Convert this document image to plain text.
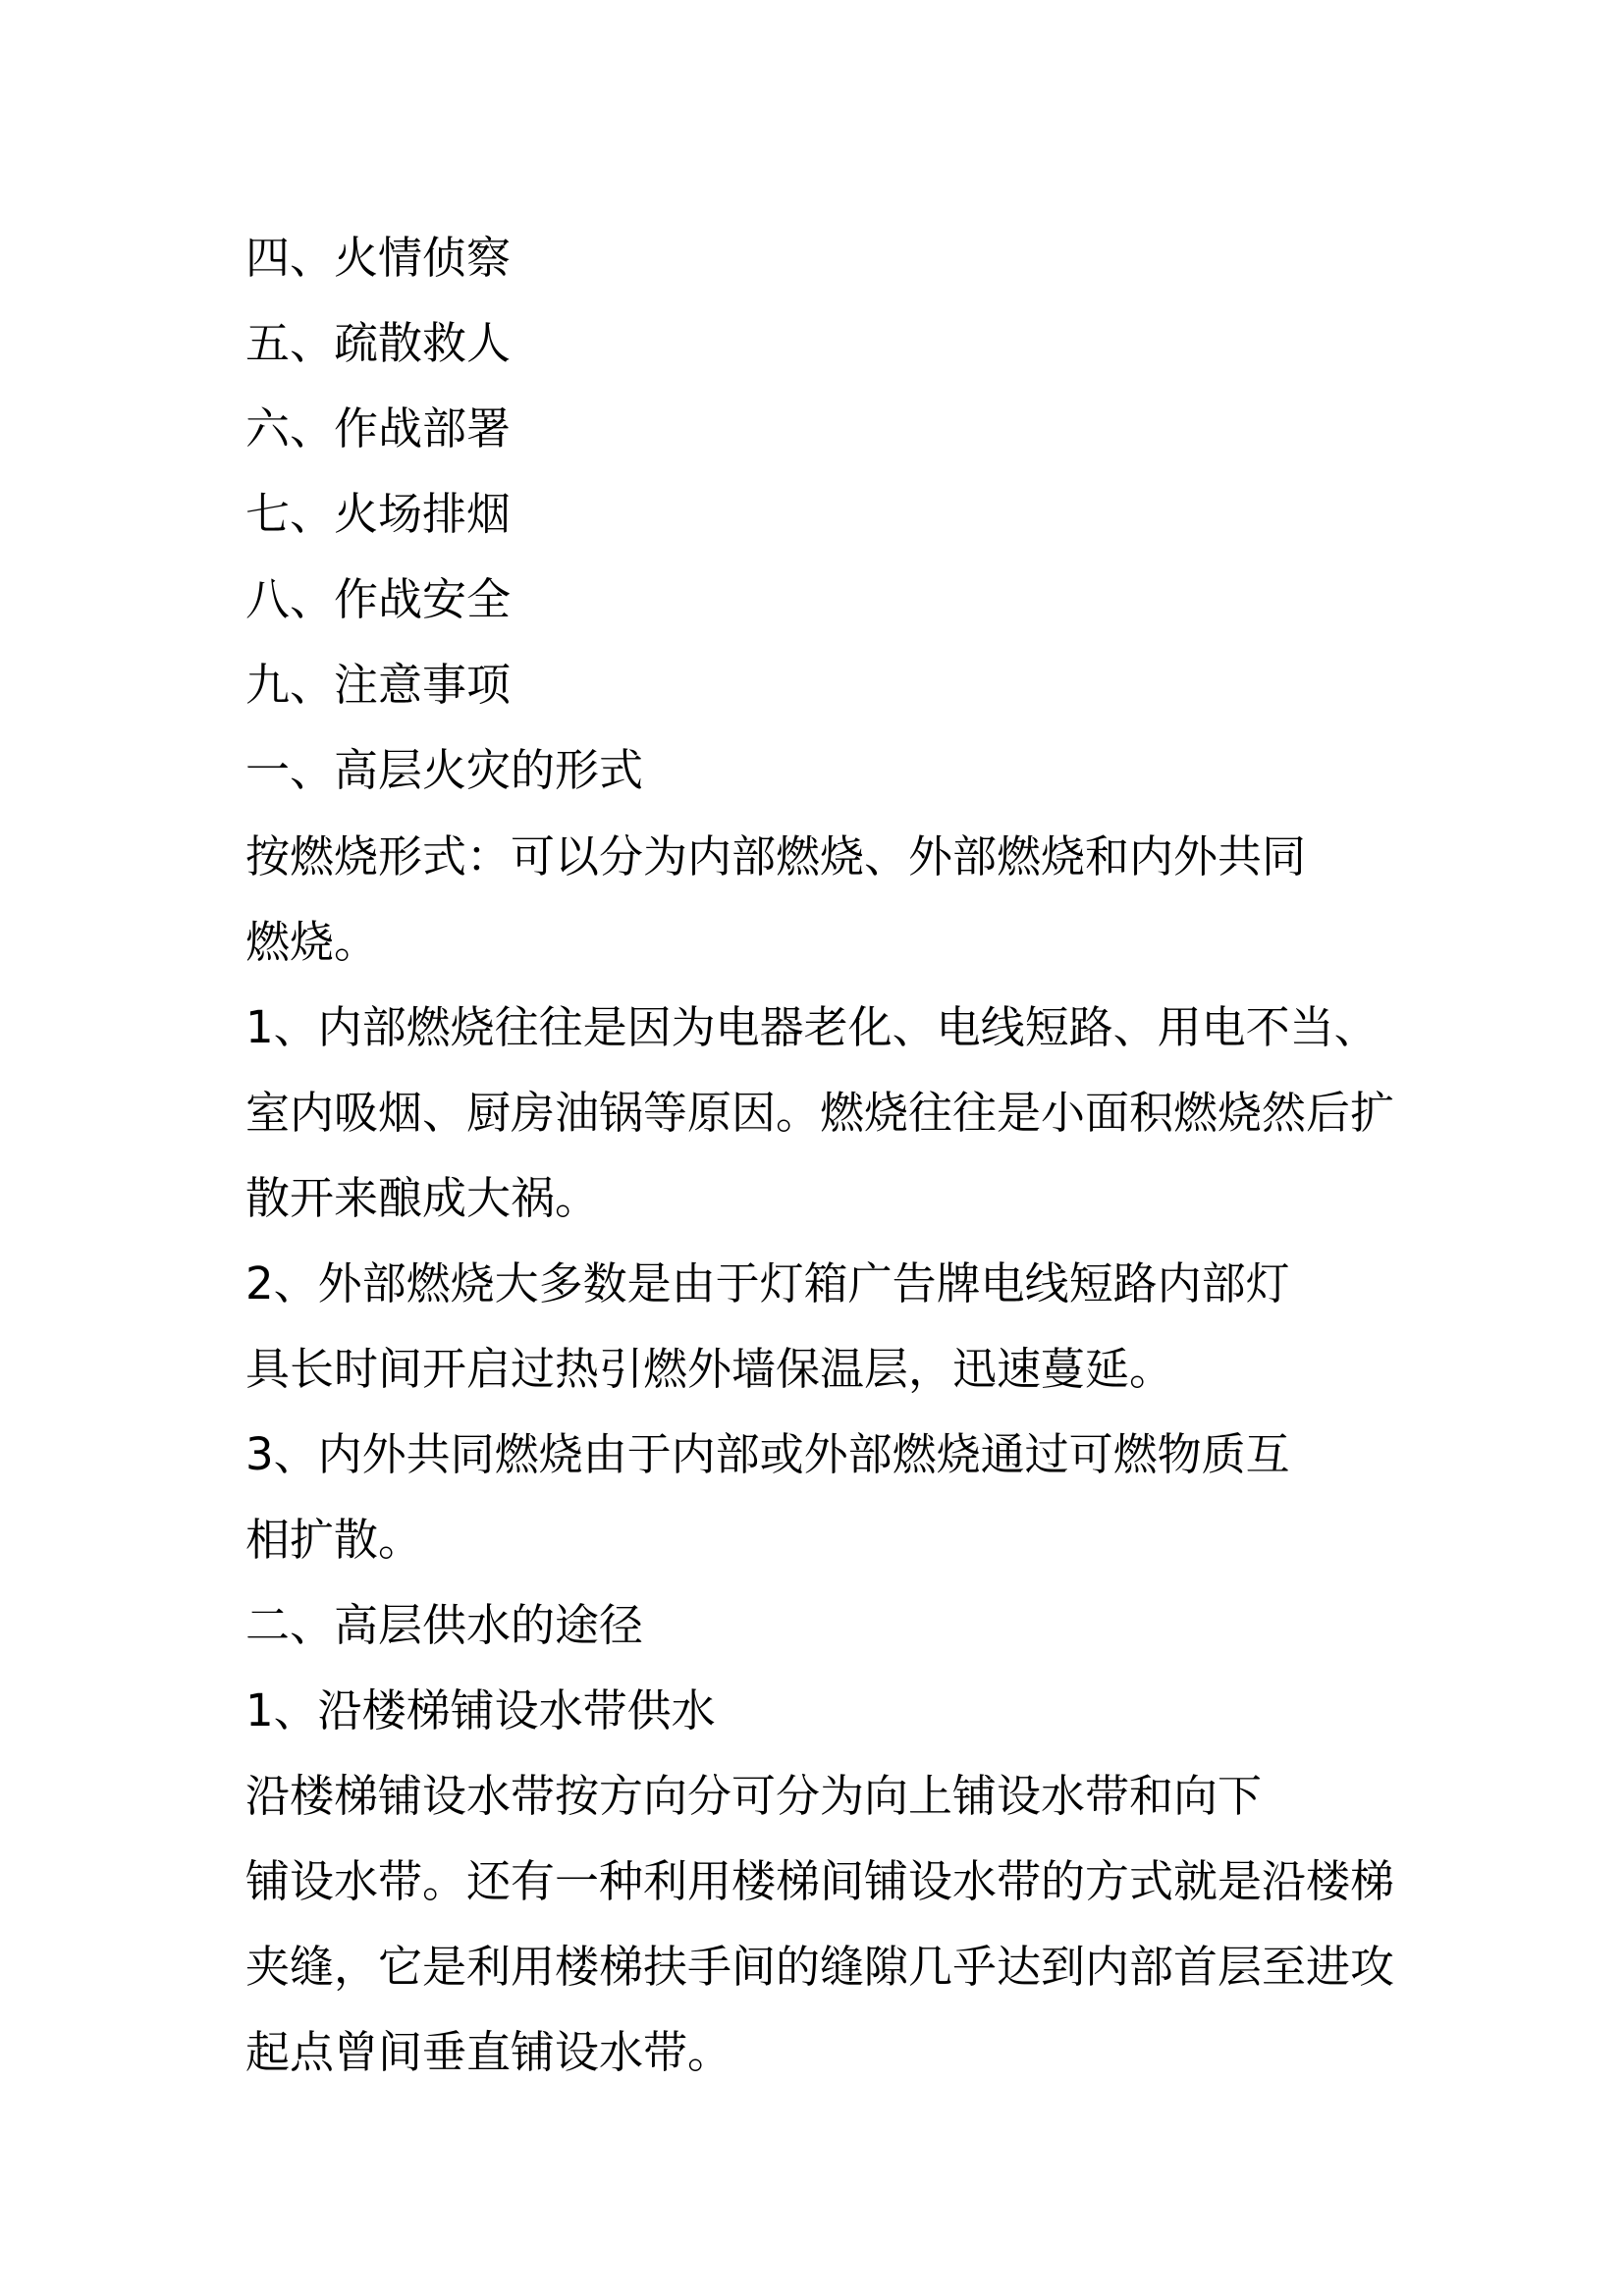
四、火情侦察
五、疏散救人
六、作战部署
七、火场排烟
八、作战安全
九、注意事项
一、高层火灾的形式
按燃烧形式：可以分为内部燃烧、外部燃烧和内外共同
燃烧。
1、内部燃烧往往是因为电器老化、电线短路、用电不当、
室内吸烟、厨房油锅等原因。燃烧往往是小面积燃烧然后扩
散开来酿成大祸。
2、外部燃烧大多数是由于灯箱广告牌电线短路内部灯
具长时间开启过热引燃外墙保温层，迅速蔓延。
3、内外共同燃烧由于内部或外部燃烧通过可燃物质互
相扩散。
二、高层供水的途径
1、沿楼梯铺设水带供水
沿楼梯铺设水带按方向分可分为向上铺设水带和向下
铺设水带。还有一种利用楼梯间铺设水带的方式就是沿楼梯
夹缝，它是利用楼梯扶手间的缝隙几乎达到内部首层至进攻
起点曾间垂直铺设水带。
